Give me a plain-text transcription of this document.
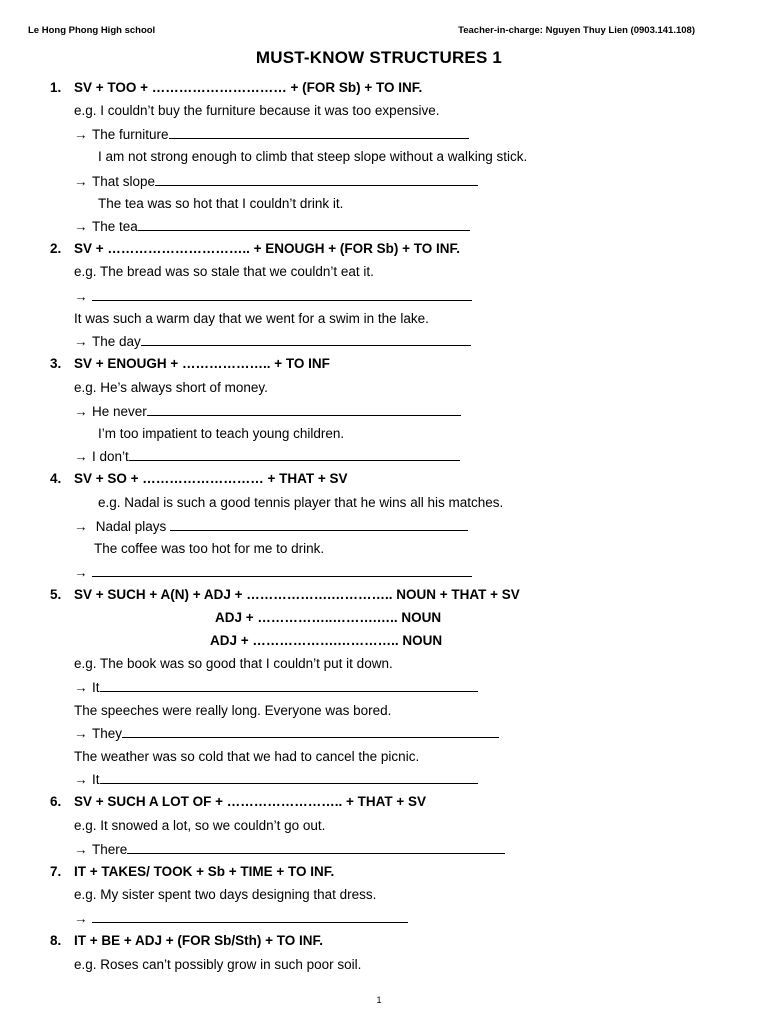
Le Hong Phong High school	Teacher-in-charge: Nguyen Thuy Lien (0903.141.108)
MUST-KNOW STRUCTURES 1
1. SV + TOO + ………………………… + (FOR Sb) + TO INF.
e.g. I couldn’t buy the furniture because it was too expensive.
→ The furniture
I am not strong enough to climb that steep slope without a walking stick.
→ That slope
The tea was so hot that I couldn’t drink it.
→ The tea
2. SV + ………………………….. + ENOUGH + (FOR Sb) + TO INF.
e.g. The bread was so stale that we couldn’t eat it.
→
It was such a warm day that we went for a swim in the lake.
→ The day
3. SV + ENOUGH + ……………….. + TO INF
e.g. He’s always short of money.
→ He never
I’m too impatient to teach young children.
→ I don’t
4. SV + SO + ……………………… + THAT + SV
e.g. Nadal is such a good tennis player that he wins all his matches.
→ Nadal plays
The coffee was too hot for me to drink.
→
5. SV + SUCH + A(N) + ADJ + ……………….………….. NOUN + THAT + SV
ADJ + ……………..……….….. NOUN
ADJ + ……………….………….. NOUN
e.g. The book was so good that I couldn’t put it down.
→ It
The speeches were really long. Everyone was bored.
→ They
The weather was so cold that we had to cancel the picnic.
→ It
6. SV + SUCH A LOT OF + …………………….. + THAT + SV
e.g. It snowed a lot, so we couldn’t go out.
→ There
7. IT + TAKES/ TOOK + Sb + TIME + TO INF.
e.g. My sister spent two days designing that dress.
→
8. IT + BE + ADJ + (FOR Sb/Sth) + TO INF.
e.g. Roses can’t possibly grow in such poor soil.
1
